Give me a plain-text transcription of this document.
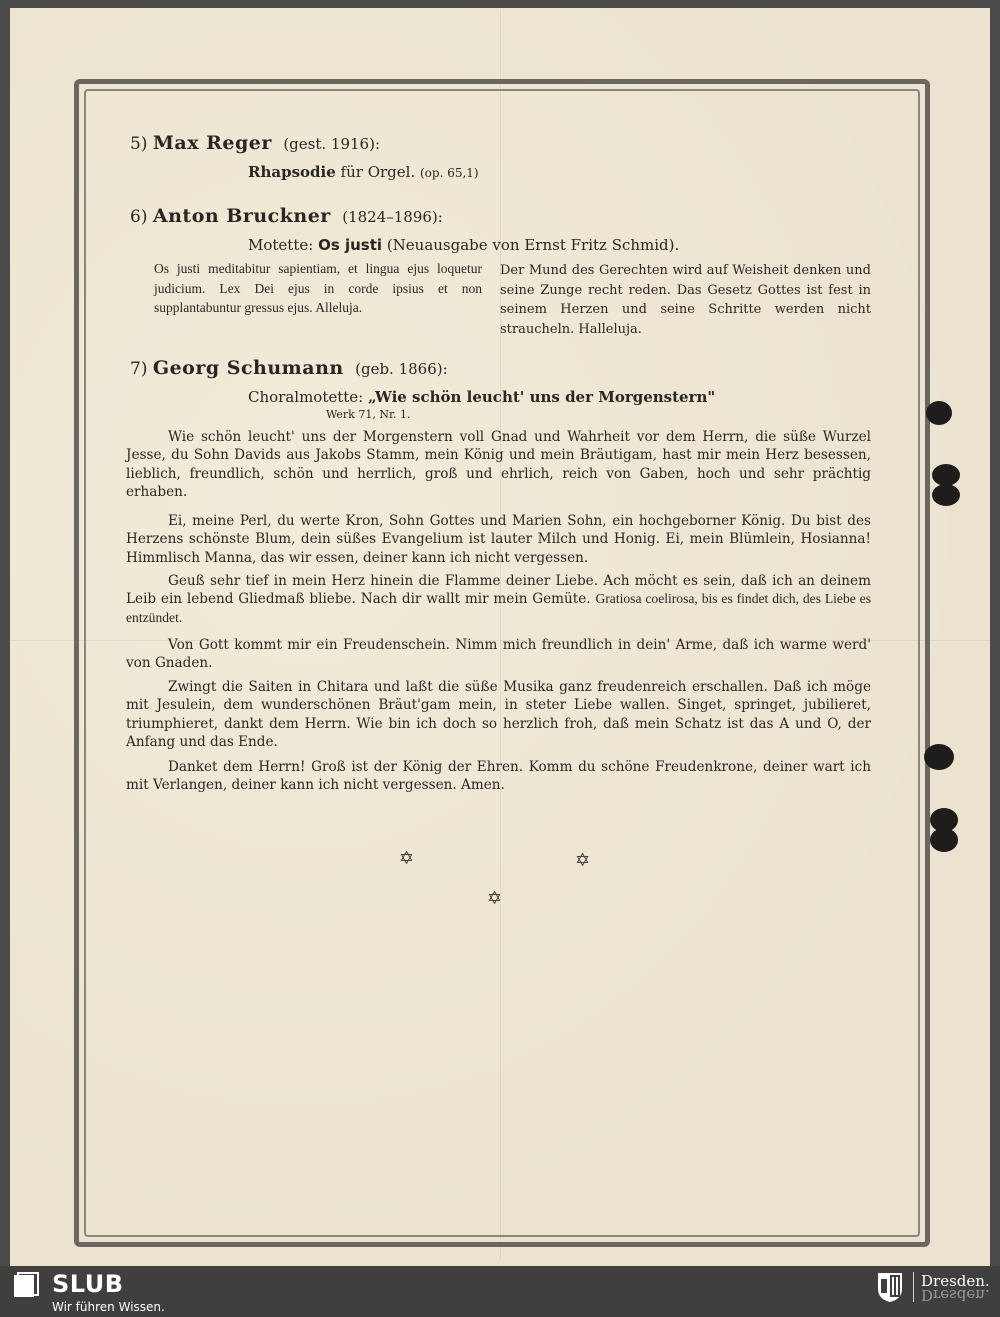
5) Max Reger (gest. 1916):
Rhapsodie für Orgel. (op. 65,1)
6) Anton Bruckner (1824–1896):
Motette: Os justi (Neuausgabe von Ernst Fritz Schmid).
Os justi meditabitur sapientiam, et lingua ejus loquetur judicium. Lex Dei ejus in corde ipsius et non supplantabuntur gressus ejus. Alleluja.
Der Mund des Gerechten wird auf Weisheit denken und seine Zunge recht reden. Das Gesetz Gottes ist fest in seinem Herzen und seine Schritte werden nicht straucheln. Halleluja.
7) Georg Schumann (geb. 1866):
Choralmotette: „Wie schön leucht' uns der Morgenstern"
Werk 71, Nr. 1.
Wie schön leucht' uns der Morgenstern voll Gnad und Wahrheit vor dem Herrn, die süße Wurzel Jesse, du Sohn Davids aus Jakobs Stamm, mein König und mein Bräutigam, hast mir mein Herz besessen, lieblich, freundlich, schön und herrlich, groß und ehrlich, reich von Gaben, hoch und sehr prächtig erhaben.
Ei, meine Perl, du werte Kron, Sohn Gottes und Marien Sohn, ein hochgeborner König. Du bist des Herzens schönste Blum, dein süßes Evangelium ist lauter Milch und Honig. Ei, mein Blümlein, Hosianna! Himmlisch Manna, das wir essen, deiner kann ich nicht vergessen.
Geuß sehr tief in mein Herz hinein die Flamme deiner Liebe. Ach möcht es sein, daß ich an deinem Leib ein lebend Gliedmaß bliebe. Nach dir wallt mir mein Gemüte. Gratiosa coelirosa, bis es findet dich, des Liebe es entzündet.
Von Gott kommt mir ein Freudenschein. Nimm mich freundlich in dein' Arme, daß ich warme werd' von Gnaden.
Zwingt die Saiten in Chitara und laßt die süße Musika ganz freudenreich erschallen. Daß ich möge mit Jesulein, dem wunderschönen Bräut'gam mein, in steter Liebe wallen. Singet, springet, jubilieret, triumphieret, dankt dem Herrn. Wie bin ich doch so herzlich froh, daß mein Schatz ist das A und O, der Anfang und das Ende.
Danket dem Herrn! Groß ist der König der Ehren. Komm du schöne Freudenkrone, deiner wart ich mit Verlangen, deiner kann ich nicht vergessen. Amen.
✡	✡
✡
SLUB
Wir führen Wissen.
Dresden.
Dresden.
